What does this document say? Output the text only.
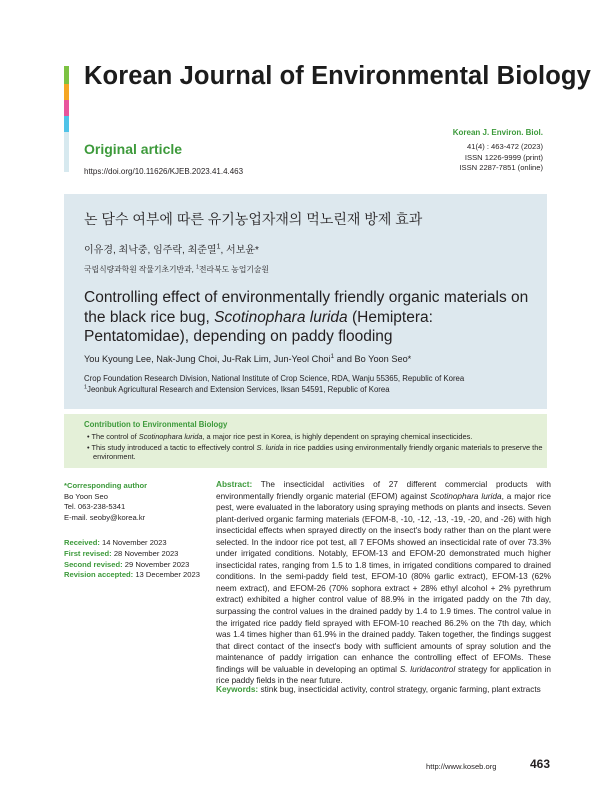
Korean Journal of Environmental Biology
Original article
https://doi.org/10.11626/KJEB.2023.41.4.463
Korean J. Environ. Biol.
41(4) : 463-472 (2023)
ISSN 1226-9999 (print)
ISSN 2287-7851 (online)
논 담수 여부에 따른 유기농업자재의 먹노린재 방제 효과
이유경, 최낙중, 임주락, 최준열$^1$, 서보윤*
국립식량과학원 작물기초기반과, $^1$전라북도 농업기술원
Controlling effect of environmentally friendly organic materials on the black rice bug, Scotinophara lurida (Hemiptera: Pentatomidae), depending on paddy flooding
You Kyoung Lee, Nak-Jung Choi, Ju-Rak Lim, Jun-Yeol Choi$^1$ and Bo Yoon Seo*
Crop Foundation Research Division, National Institute of Crop Science, RDA, Wanju 55365, Republic of Korea
$^1$Jeonbuk Agricultural Research and Extension Services, Iksan 54591, Republic of Korea
Contribution to Environmental Biology
• The control of Scotinophara lurida, a major rice pest in Korea, is highly dependent on spraying chemical insecticides.
• This study introduced a tactic to effectively control S. lurida in rice paddies using environmentally friendly organic materials to preserve the environment.
*Corresponding author
Bo Yoon Seo
Tel. 063-238-5341
E-mail. seoby@korea.kr
Received: 14 November 2023
First revised: 28 November 2023
Second revised: 29 November 2023
Revision accepted: 13 December 2023
Abstract: The insecticidal activities of 27 different commercial products with environmentally friendly organic material (EFOM) against Scotinophara lurida, a major rice pest, were evaluated in the laboratory using spraying methods on plants and insects. Seven plant-derived organic farming materials (EFOM-8, -10, -12, -13, -19, -20, and -26) with high insecticidal effects when sprayed directly on the insect's body rather than on the plant were selected. In the indoor rice pot test, all 7 EFOMs showed an insecticidal rate of over 73.3% under irrigated conditions. Notably, EFOM-13 and EFOM-20 demonstrated much higher insecticidal rates, ranging from 1.5 to 1.8 times, in irrigated conditions compared to drained conditions. In the semi-paddy field test, EFOM-10 (80% garlic extract), EFOM-13 (62% neem extract), and EFOM-26 (70% sophora extract + 28% ethyl alcohol + 2% pyrethrum extract) exhibited a higher control value of 88.9% in the irrigated paddy on the 7th day, surpassing the control values in the drained paddy by 1.4 to 1.9 times. The control value in the irrigated rice paddy field sprayed with EFOM-10 reached 86.2% on the 7th day, which was 1.4 times higher than 61.9% in the drained paddy. Taken together, the findings suggest that direct contact of the insect's body with sufficient amounts of spray solution and the maintenance of paddy irrigation can enhance the controlling effect of EFOMs. These findings will be valuable in developing an optimal S. luridacontrol strategy for application in rice paddy fields in the near future.
Keywords: stink bug, insecticidal activity, control strategy, organic farming, plant extracts
http://www.koseb.org	463
